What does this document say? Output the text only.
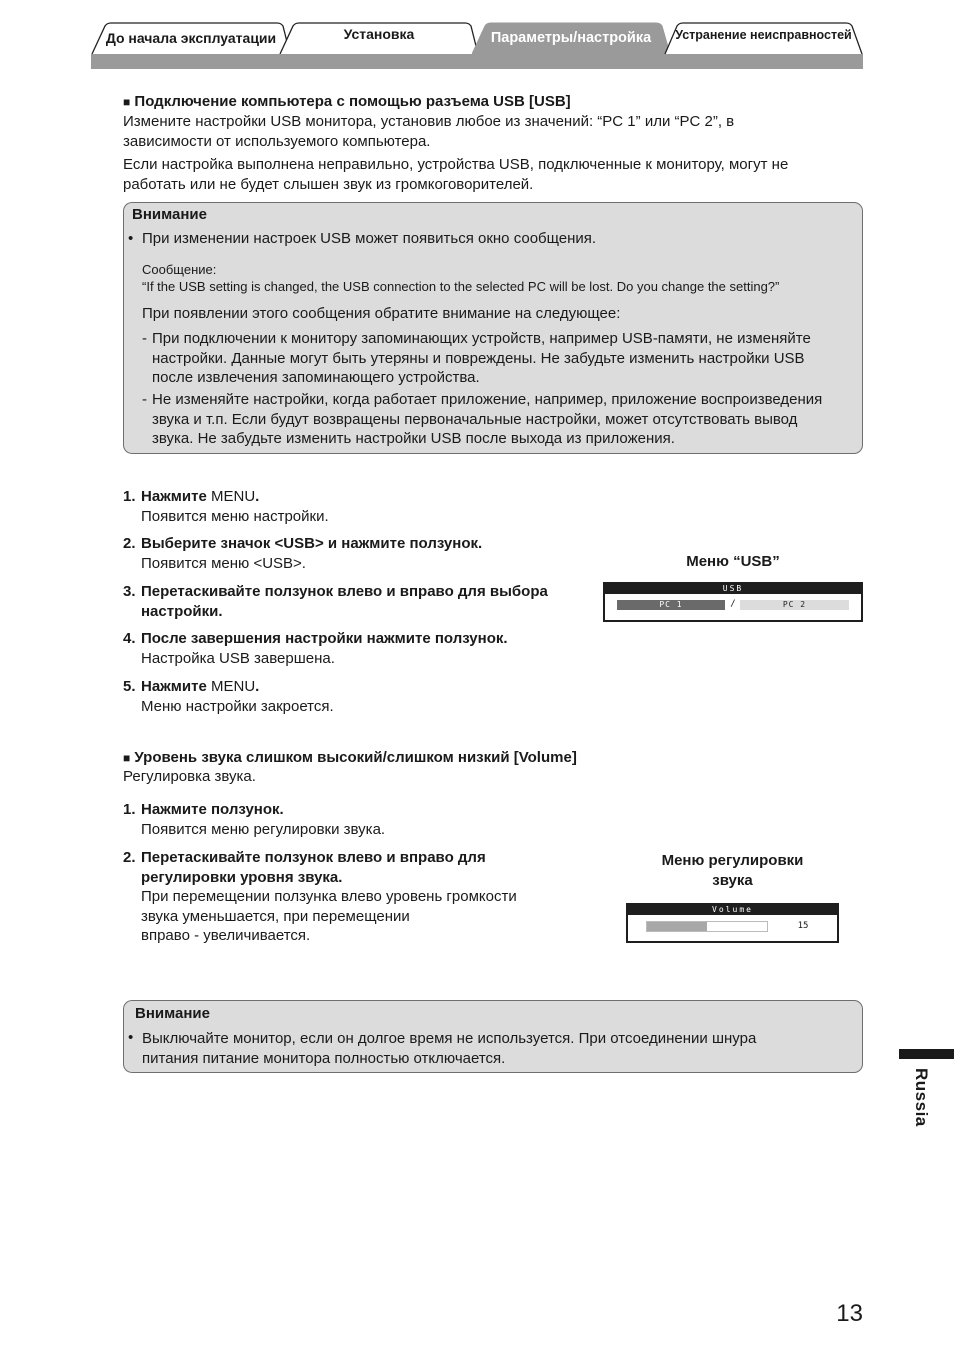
До начала эксплуатации	Установка	Параметры/настройка Устранение неисправностей
■ Подключение компьютера с помощью разъема USB [USB]
Измените настройки USB монитора, установив любое из значений: “PC 1” или “PC 2”, в
зависимости от используемого компьютера.
Если настройка выполнена неправильно, устройства USB, подключенные к монитору, могут не
работать или не будет слышен звук из громкоговорителей.
Внимание
• При изменении настроек USB может появиться окно сообщения.
Сообщение:
“If the USB setting is changed, the USB connection to the selected PC will be lost. Do you change the setting?”
При появлении этого сообщения обратите внимание на следующее:
- При подключении к монитору запоминающих устройств, например USB-памяти, не изменяйте
настройки. Данные могут быть утеряны и повреждены. Не забудьте изменить настройки USB
после извлечения запоминающего устройства.
- Не изменяйте настройки, когда работает приложение, например, приложение воспроизведения
звука и т.п. Если будут возвращены первоначальные настройки, может отсутствовать вывод
звука. Не забудьте изменить настройки USB после выхода из приложения.
1. Нажмите MENU.
Появится меню настройки.
2. Выберите значок <USB> и нажмите ползунок.
Появится меню <USB>.
3. Перетаскивайте ползунок влево и вправо для выбора
настройки.
4. После завершения настройки нажмите ползунок.
Настройка USB завершена.
5. Нажмите MENU.
Меню настройки закроется.
Меню “USB”
USB
PC 1	/	PC 2
■ Уровень звука слишком высокий/слишком низкий [Volume]
Регулировка звука.
1. Нажмите ползунок.
Появится меню регулировки звука.
2. Перетаскивайте ползунок влево и вправо для
регулировки уровня звука.
При перемещении ползунка влево уровень громкости
звука уменьшается, при перемещении
вправо - увеличивается.
Меню регулировки
звука
Volume
15
Внимание
• Выключайте монитор, если он долгое время не используется. При отсоединении шнура
питания питание монитора полностью отключается.
Russia
13
